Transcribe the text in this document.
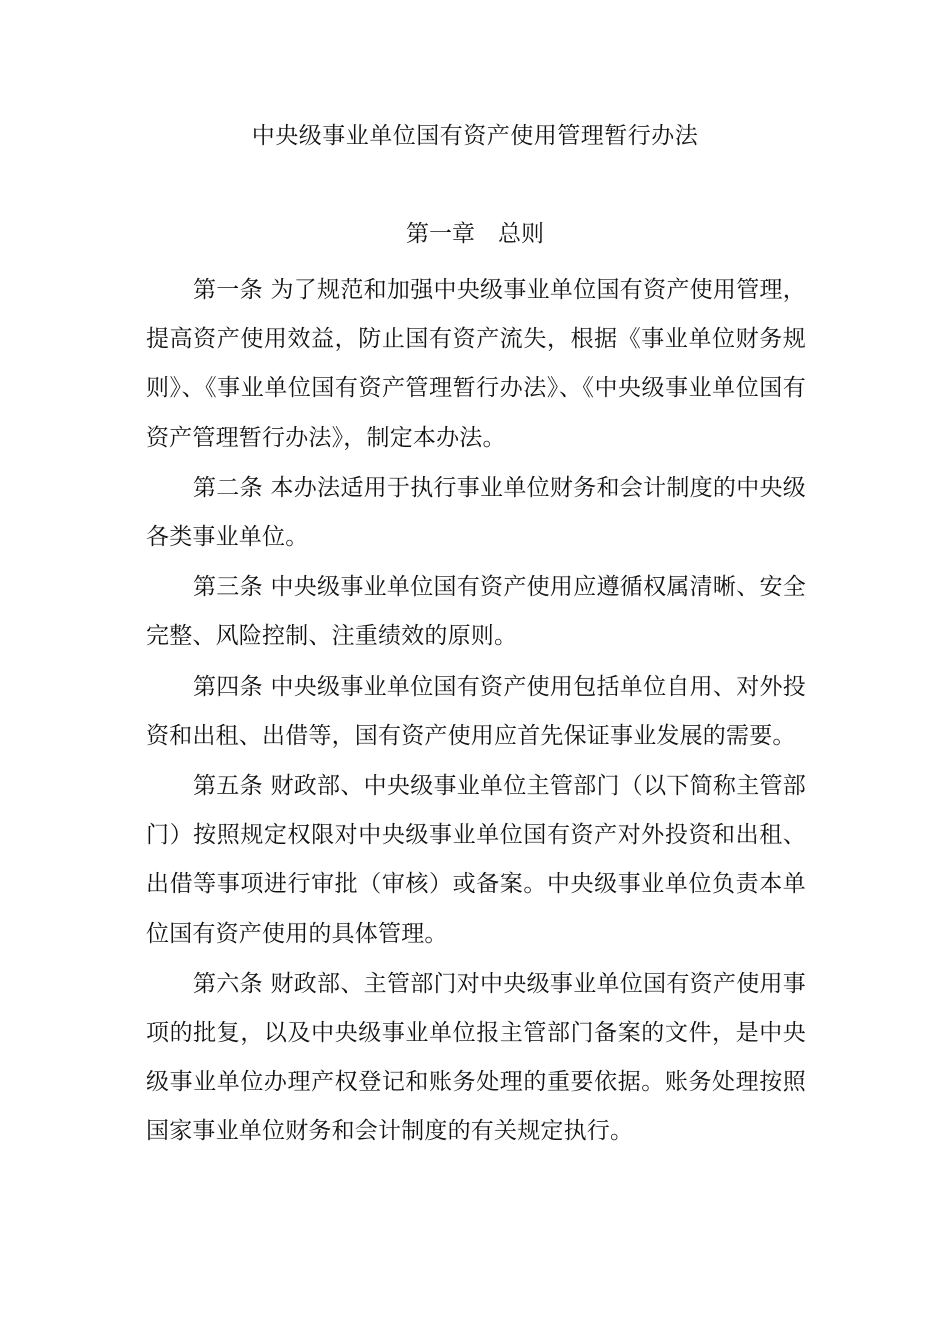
中央级事业单位国有资产使用管理暂行办法
第一章　总则

第一条 为了规范和加强中央级事业单位国有资产使用管理，提高资产使用效益，防止国有资产流失，根据《事业单位财务规则》、《事业单位国有资产管理暂行办法》、《中央级事业单位国有资产管理暂行办法》，制定本办法。

第二条 本办法适用于执行事业单位财务和会计制度的中央级各类事业单位。

第三条 中央级事业单位国有资产使用应遵循权属清晰、安全完整、风险控制、注重绩效的原则。

第四条 中央级事业单位国有资产使用包括单位自用、对外投资和出租、出借等，国有资产使用应首先保证事业发展的需要。

第五条 财政部、中央级事业单位主管部门（以下简称主管部门）按照规定权限对中央级事业单位国有资产对外投资和出租、出借等事项进行审批（审核）或备案。中央级事业单位负责本单位国有资产使用的具体管理。

第六条 财政部、主管部门对中央级事业单位国有资产使用事项的批复，以及中央级事业单位报主管部门备案的文件，是中央级事业单位办理产权登记和账务处理的重要依据。账务处理按照国家事业单位财务和会计制度的有关规定执行。
